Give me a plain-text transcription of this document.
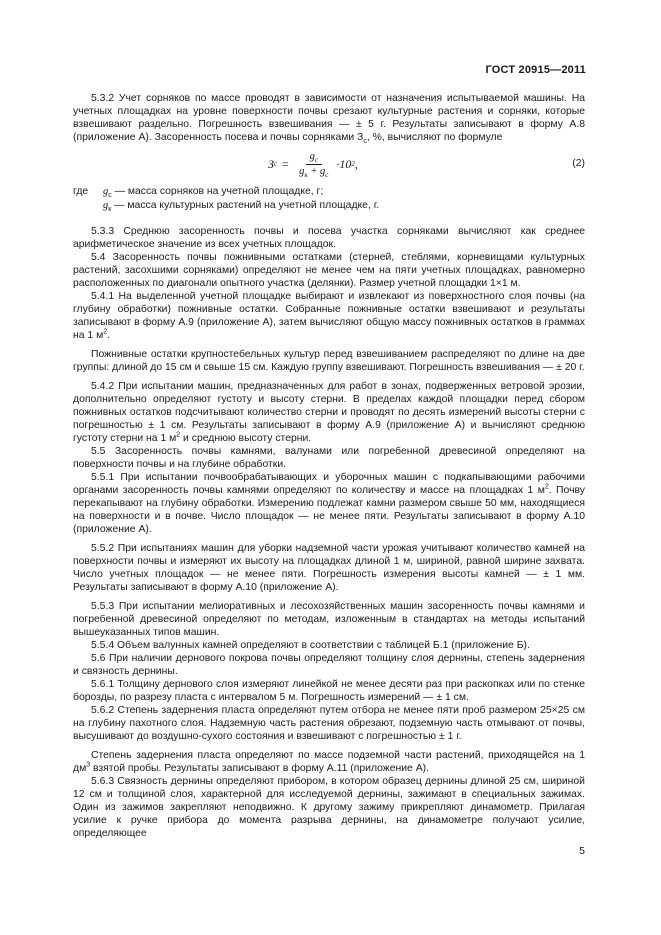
ГОСТ 20915—2011

5.3.2 Учет сорняков по массе проводят в зависимости от назначения испытываемой машины. На учетных площадках на уровне поверхности почвы срезают культурные растения и сорняки, которые взвешивают раздельно. Погрешность взвешивания — ± 5 г. Результаты записывают в форму А.8 (приложение А). Засоренность посева и почвы сорняками $З_с$, %, вычисляют по формуле

З $с = \frac{g_с}{g_к + g_с} \cdot 10$ 2 ,	(2)
где	$g_с$ — масса сорняков на учетной площадке, г;
$g_к$ — масса культурных растений на учетной площадке, г.

5.3.3 Среднюю засоренность почвы и посева участка сорняками вычисляют как среднее арифметическое значение из всех учетных площадок.

5.4 Засоренность почвы пожнивными остатками (стерней, стеблями, корневищами культурных растений, засохшими сорняками) определяют не менее чем на пяти учетных площадках, равномерно расположенных по диагонали опытного участка (делянки). Размер учетной площадки 1×1 м.

5.4.1 На выделенной учетной площадке выбирают и извлекают из поверхностного слоя почвы (на глубину обработки) пожнивные остатки. Собранные пожнивные остатки взвешивают и результаты записывают в форму А.9 (приложение А), затем вычисляют общую массу пожнивных остатков в граммах на 1 $м^2$.

Пожнивные остатки крупностебельных культур перед взвешиванием распределяют по длине на две группы: длиной до 15 см и свыше 15 см. Каждую группу взвешивают. Погрешность взвешивания — ± 20 г.

5.4.2 При испытании машин, предназначенных для работ в зонах, подверженных ветровой эрозии, дополнительно определяют густоту и высоту стерни. В пределах каждой площадки перед сбором пожнивных остатков подсчитывают количество стерни и проводят по десять измерений высоты стерни с погрешностью ± 1 см. Результаты записывают в форму А.9 (приложение А) и вычисляют среднюю густоту стерни на 1 $м^2$ и среднюю высоту стерни.

5.5 Засоренность почвы камнями, валунами или погребенной древесиной определяют на поверхности почвы и на глубине обработки.

5.5.1 При испытании почвообрабатывающих и уборочных машин с подкапывающими рабочими органами засоренность почвы камнями определяют по количеству и массе на площадках 1 $м^2$. Почву перекапывают на глубину обработки. Измерению подлежат камни размером свыше 50 мм, находящиеся на поверхности и в почве. Число площадок — не менее пяти. Результаты записывают в форму А.10 (приложение А).

5.5.2 При испытаниях машин для уборки надземной части урожая учитывают количество камней на поверхности почвы и измеряют их высоту на площадках длиной 1 м, шириной, равной ширине захвата. Число учетных площадок — не менее пяти. Погрешность измерения высоты камней — ± 1 мм. Результаты записывают в форму А.10 (приложение А).

5.5.3 При испытании мелиоративных и лесохозяйственных машин засоренность почвы камнями и погребенной древесиной определяют по методам, изложенным в стандартах на методы испытаний вышеуказанных типов машин.

5.5.4 Объем валунных камней определяют в соответствии с таблицей Б.1 (приложение Б).

5.6 При наличии дернового покрова почвы определяют толщину слоя дернины, степень задернения и связность дернины.

5.6.1 Толщину дернового слоя измеряют линейкой не менее десяти раз при раскопках или по стенке борозды, по разрезу пласта с интервалом 5 м. Погрешность измерений — ± 1 см.

5.6.2 Степень задернения пласта определяют путем отбора не менее пяти проб размером 25×25 см на глубину пахотного слоя. Надземную часть растения обрезают, подземную часть отмывают от почвы, высушивают до воздушно-сухого состояния и взвешивают с погрешностью ± 1 г.

Степень задернения пласта определяют по массе подземной части растений, приходящейся на 1 $дм^3$ взятой пробы. Результаты записывают в форму А.11 (приложение А).

5.6.3 Связность дернины определяют прибором, в котором образец дернины длиной 25 см, шириной 12 см и толщиной слоя, характерной для исследуемой дернины, зажимают в специальных зажимах. Один из зажимов закрепляют неподвижно. К другому зажиму прикрепляют динамометр. Прилагая усилие к ручке прибора до момента разрыва дернины, на динамометре получают усилие, определяющее

5
